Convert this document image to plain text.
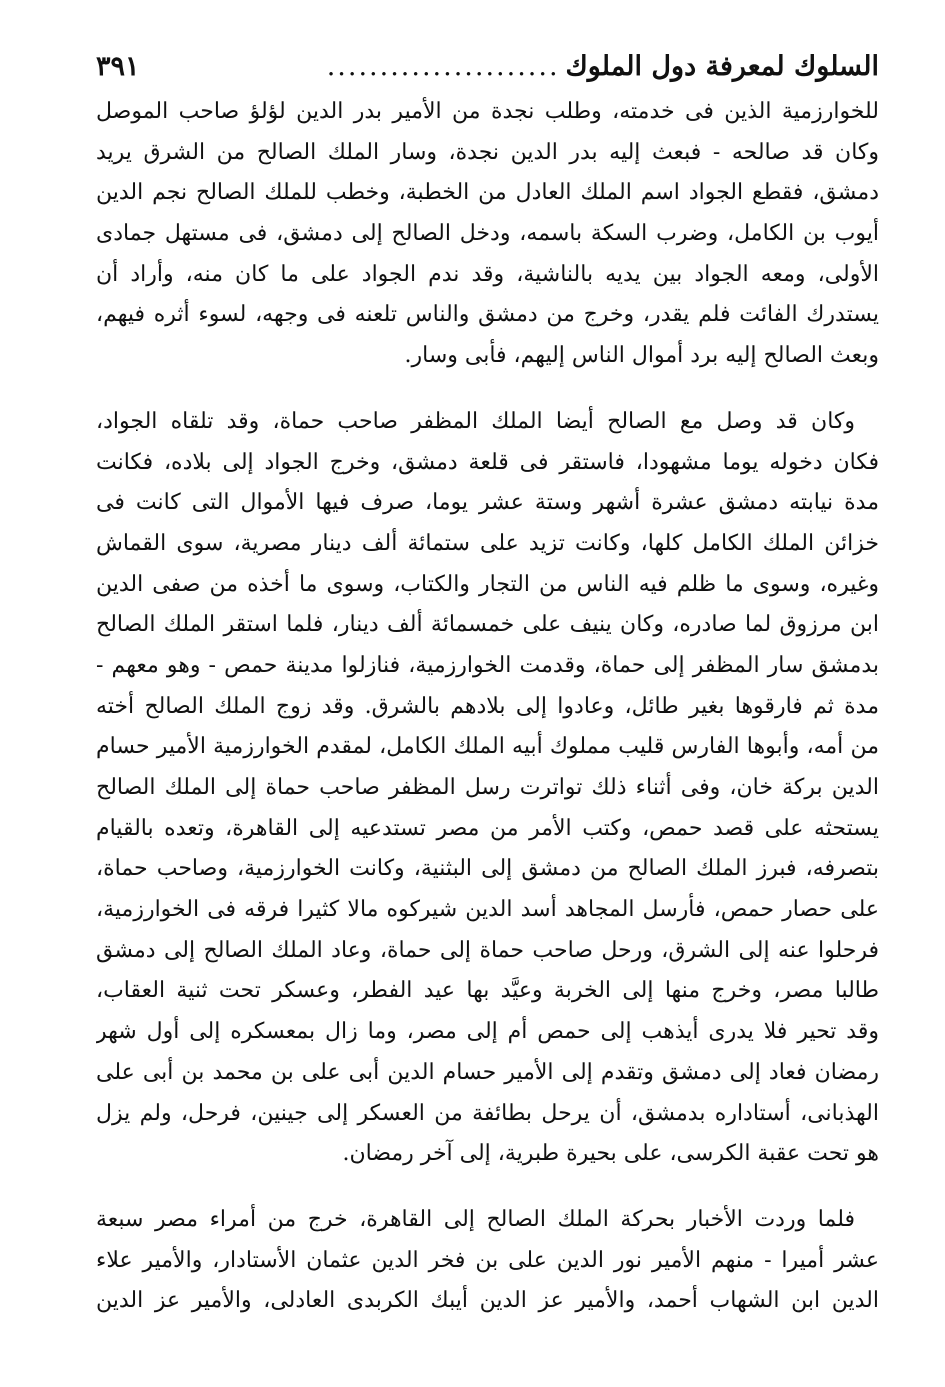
السلوك لمعرفة دول الملوك
......................
٣٩١
للخوارزمية الذين فى خدمته، وطلب نجدة من الأمير بدر الدين لؤلؤ صاحب الموصل
وكان قد صالحه - فبعث إليه بدر الدين نجدة، وسار الملك الصالح من الشرق يريد
دمشق، فقطع الجواد اسم الملك العادل من الخطبة، وخطب للملك الصالح نجم الدين
أيوب بن الكامل، وضرب السكة باسمه، ودخل الصالح إلى دمشق، فى مستهل جمادى
الأولى، ومعه الجواد بين يديه بالناشية، وقد ندم الجواد على ما كان منه، وأراد أن
يستدرك الفائت فلم يقدر، وخرج من دمشق والناس تلعنه فى وجهه، لسوء أثره فيهم،
وبعث الصالح إليه برد أموال الناس إليهم، فأبى وسار.
وكان قد وصل مع الصالح أيضا الملك المظفر صاحب حماة، وقد تلقاه الجواد،
فكان دخوله يوما مشهودا، فاستقر فى قلعة دمشق، وخرج الجواد إلى بلاده، فكانت
مدة نيابته دمشق عشرة أشهر وستة عشر يوما، صرف فيها الأموال التى كانت فى
خزائن الملك الكامل كلها، وكانت تزيد على ستمائة ألف دينار مصرية، سوى القماش
وغيره، وسوى ما ظلم فيه الناس من التجار والكتاب، وسوى ما أخذه من صفى الدين
ابن مرزوق لما صادره، وكان ينيف على خمسمائة ألف دينار، فلما استقر الملك الصالح
بدمشق سار المظفر إلى حماة، وقدمت الخوارزمية، فنازلوا مدينة حمص - وهو معهم -
مدة ثم فارقوها بغير طائل، وعادوا إلى بلادهم بالشرق. وقد زوج الملك الصالح أخته
من أمه، وأبوها الفارس قليب مملوك أبيه الملك الكامل، لمقدم الخوارزمية الأمير حسام
الدين بركة خان، وفى أثناء ذلك تواترت رسل المظفر صاحب حماة إلى الملك الصالح
يستحثه على قصد حمص، وكتب الأمر من مصر تستدعيه إلى القاهرة، وتعده بالقيام
بتصرفه، فبرز الملك الصالح من دمشق إلى البثنية، وكانت الخوارزمية، وصاحب حماة،
على حصار حمص، فأرسل المجاهد أسد الدين شيركوه مالا كثيرا فرقه فى الخوارزمية،
فرحلوا عنه إلى الشرق، ورحل صاحب حماة إلى حماة، وعاد الملك الصالح إلى دمشق
طالبا مصر، وخرج منها إلى الخربة وعيَّد بها عيد الفطر، وعسكر تحت ثنية العقاب،
وقد تحير فلا يدرى أيذهب إلى حمص أم إلى مصر، وما زال بمعسكره إلى أول شهر
رمضان فعاد إلى دمشق وتقدم إلى الأمير حسام الدين أبى على بن محمد بن أبى على
الهذبانى، أستاداره بدمشق، أن يرحل بطائفة من العسكر إلى جينين، فرحل، ولم يزل
هو تحت عقبة الكرسى، على بحيرة طبرية، إلى آخر رمضان.
فلما وردت الأخبار بحركة الملك الصالح إلى القاهرة، خرج من أمراء مصر سبعة
عشر أميرا - منهم الأمير نور الدين على بن فخر الدين عثمان الأستادار، والأمير علاء
الدين ابن الشهاب أحمد، والأمير عز الدين أيبك الكربدى العادلى، والأمير عز الدين
